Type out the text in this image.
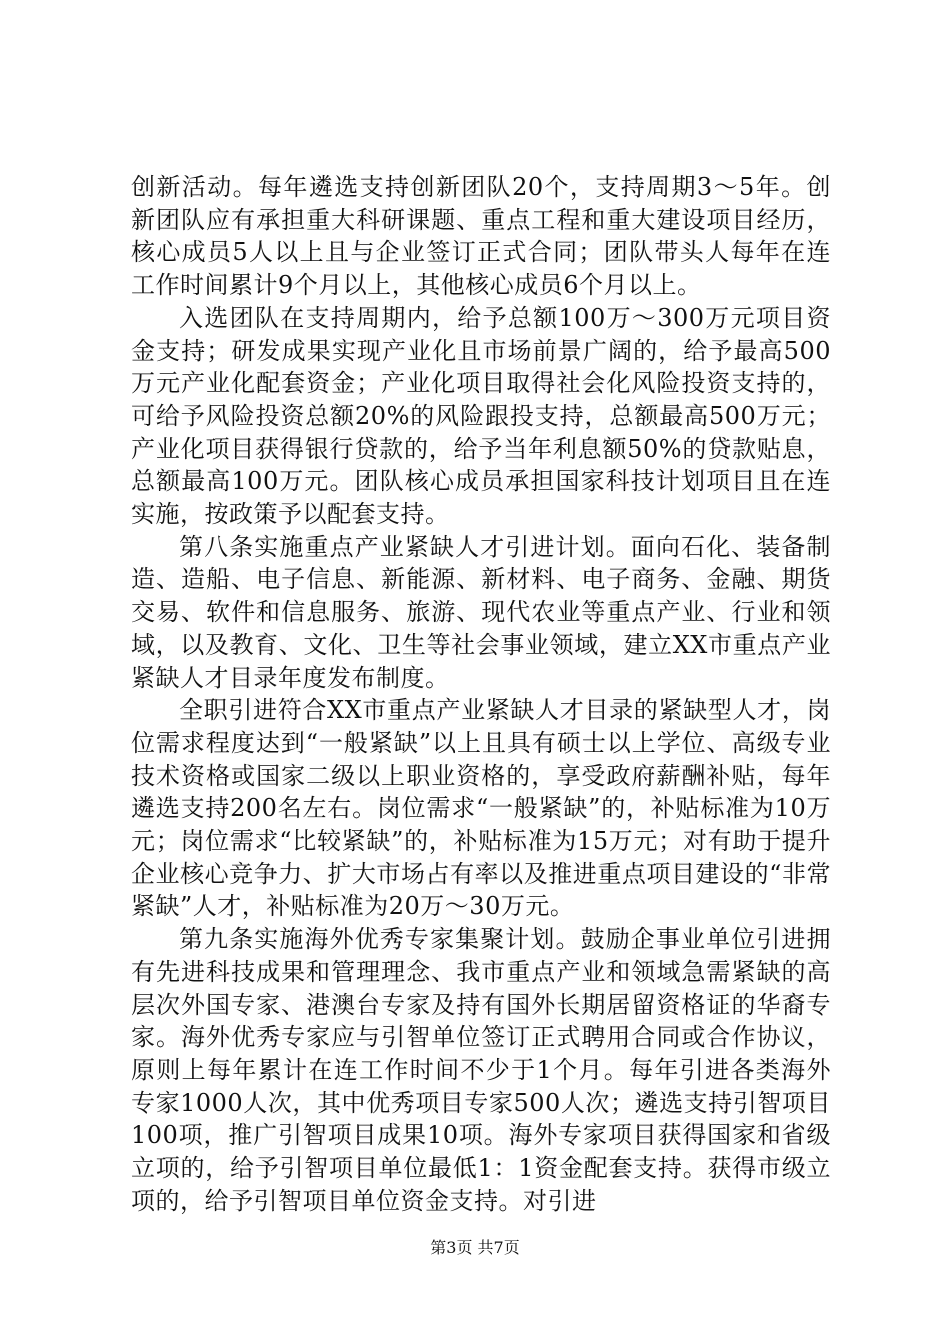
创新活动。每年遴选支持创新团队20个，支持周期3～5年。创新团队应有承担重大科研课题、重点工程和重大建设项目经历，核心成员5人以上且与企业签订正式合同；团队带头人每年在连工作时间累计9个月以上，其他核心成员6个月以上。

入选团队在支持周期内，给予总额100万～300万元项目资金支持；研发成果实现产业化且市场前景广阔的，给予最高500万元产业化配套资金；产业化项目取得社会化风险投资支持的，可给予风险投资总额20%的风险跟投支持，总额最高500万元；产业化项目获得银行贷款的，给予当年利息额50%的贷款贴息，总额最高100万元。团队核心成员承担国家科技计划项目且在连实施，按政策予以配套支持。

第八条实施重点产业紧缺人才引进计划。面向石化、装备制造、造船、电子信息、新能源、新材料、电子商务、金融、期货交易、软件和信息服务、旅游、现代农业等重点产业、行业和领域，以及教育、文化、卫生等社会事业领域，建立XX市重点产业紧缺人才目录年度发布制度。

全职引进符合XX市重点产业紧缺人才目录的紧缺型人才，岗位需求程度达到“一般紧缺”以上且具有硕士以上学位、高级专业技术资格或国家二级以上职业资格的，享受政府薪酬补贴，每年遴选支持200名左右。岗位需求“一般紧缺”的，补贴标准为10万元；岗位需求“比较紧缺”的，补贴标准为15万元；对有助于提升企业核心竞争力、扩大市场占有率以及推进重点项目建设的“非常紧缺”人才，补贴标准为20万～30万元。

第九条实施海外优秀专家集聚计划。鼓励企事业单位引进拥有先进科技成果和管理理念、我市重点产业和领域急需紧缺的高层次外国专家、港澳台专家及持有国外长期居留资格证的华裔专家。海外优秀专家应与引智单位签订正式聘用合同或合作协议，原则上每年累计在连工作时间不少于1个月。每年引进各类海外专家1000人次，其中优秀项目专家500人次；遴选支持引智项目100项，推广引智项目成果10项。海外专家项目获得国家和省级立项的，给予引智项目单位最低1：1资金配套支持。获得市级立项的，给予引智项目单位资金支持。对引进

第3页 共7页
